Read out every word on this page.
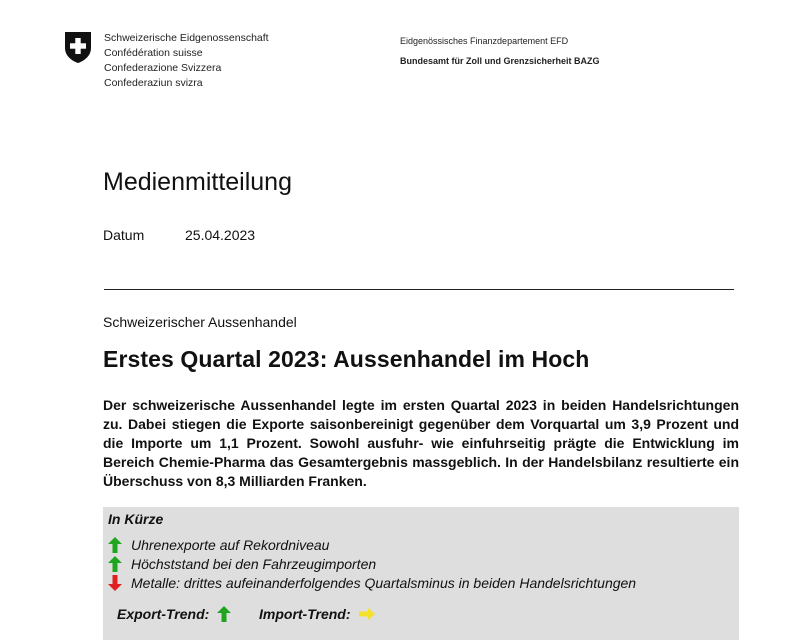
Schweizerische Eidgenossenschaft
Confédération suisse
Confederazione Svizzera
Confederaziun svizra
Eidgenössisches Finanzdepartement EFD
Bundesamt für Zoll und Grenzsicherheit BAZG
Medienmitteilung
Datum	25.04.2023
Schweizerischer Aussenhandel
Erstes Quartal 2023: Aussenhandel im Hoch
Der schweizerische Aussenhandel legte im ersten Quartal 2023 in beiden Handelsrichtungen zu. Dabei stiegen die Exporte saisonbereinigt gegenüber dem Vorquartal um 3,9 Prozent und die Importe um 1,1 Prozent. Sowohl ausfuhr- wie einfuhrseitig prägte die Entwicklung im Bereich Chemie-Pharma das Gesamtergebnis massgeblich. In der Handelsbilanz resultierte ein Überschuss von 8,3 Milliarden Franken.
In Kürze
Uhrenexporte auf Rekordniveau
Höchststand bei den Fahrzeugimporten
Metalle: drittes aufeinanderfolgendes Quartalsminus in beiden Handelsrichtungen
Export-Trend:	Import-Trend:
